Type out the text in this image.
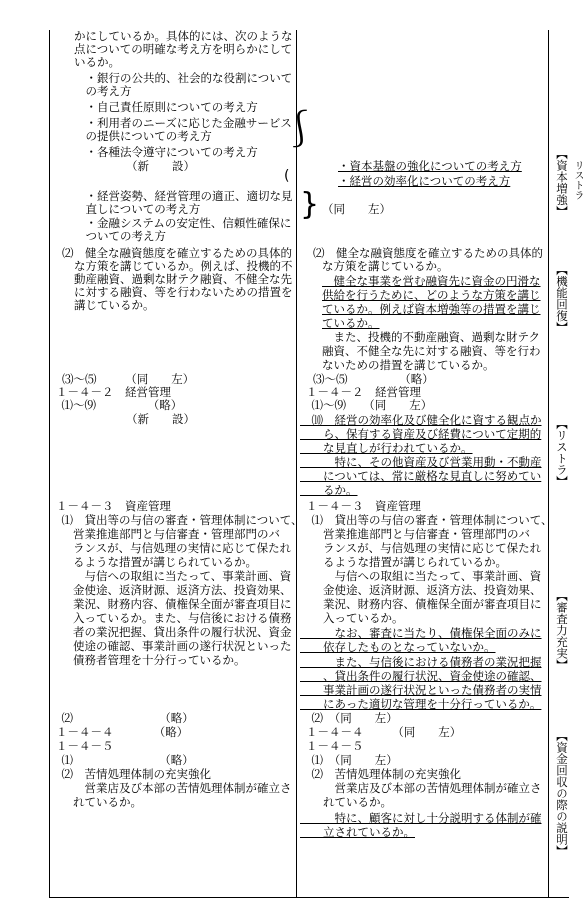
かにしているか。具体的には、次のような
点についての明確な考え方を明らかにして
いるか。
　・銀行の公共的、社会的な役割について
　の考え方
　・自己責任原則についての考え方
　・利用者のニーズに応じた金融サービス
　の提供についての考え方
　・各種法令遵守についての考え方
（新　　設）
　・経営姿勢、経営管理の適正、適切な見
　直しについての考え方
　・金融システムの安定性、信頼性確保に
　ついての考え方
⑵　健全な融資態度を確立するための具体的
な方策を講じているか。例えば、投機的不
動産融資、過剰な財テク融資、不健全な先
に対する融資、等を行わないための措置を
講じているか。
⑶～⑸　　　（同　　左）
１－４－２　経営管理
　⑴～⑼　　　　　（略）
（新　　設）
１－４－３　資産管理
　⑴　貸出等の与信の審査・管理体制について、
　　営業推進部門と与信審査・管理部門のバ
　　ランスが、与信処理の実情に応じて保たれ
　　るような措置が講じられているか。
　　　与信への取組に当たって、事業計画、資
　　金使途、返済財源、返済方法、投資効果、
　　業況、財務内容、債権保全面が審査項目に
　　入っているか。また、与信後における債務
　　者の業況把握、貸出条件の履行状況、資金
　　使途の確認、事業計画の遂行状況といった
　　債務者管理を十分行っているか。
　⑵　　　　　　　　（略）
１－４－４　　　　（略）
１－４－５
　⑴　　　　　　　　（略）
　⑵　苦情処理体制の充実強化
　　　営業店及び本部の苦情処理体制が確立さ
　　れているか。
⎰
(
}
・資本基盤の強化についての考え方
・経営の効率化についての考え方
（同　　左）
⑵　健全な融資態度を確立するための具体的
な方策を講じているか。
　健全な事業を営む融資先に資金の円滑な
供給を行うために、どのような方策を講じ
ているか。例えば資本増強等の措置を講じ
ているか。
　また、投機的不動産融資、過剰な財テク
融資、不健全な先に対する融資、等を行わ
ないための措置を講じているか。
⑶～⑸　　　　　（略）
１－４－２　経営管理
　⑴～⑼　　（同　　左）
　⑽　経営の効率化及び健全化に資する観点か
　　ら、保有する資産及び経費について定期的
　　な見直しが行われているか。
　　　特に、その他資産及び営業用動・不動産
　　については、常に厳格な見直しに努めてい
　　るか。
１－４－３　資産管理
　⑴　貸出等の与信の審査・管理体制について、
　　営業推進部門と与信審査・管理部門のバ
　　ランスが、与信処理の実情に応じて保たれ
　　るような措置が講じられているか。
　　　与信への取組に当たって、事業計画、資
　　金使途、返済財源、返済方法、投資効果、
　　業況、財務内容、債権保全面が審査項目に
　　入っているか。
　　　なお、審査に当たり、債権保全面のみに
　　依存したものとなっていないか。
　　　また、与信後における債務者の業況把握
　　、貸出条件の履行状況、資金使途の確認、
　　事業計画の遂行状況といった債務者の実情
　　にあった適切な管理を十分行っているか。
　⑵　（同　　左）
１－４－４　　　（同　　左）
１－４－５
　⑴　（同　　左）
　⑵　苦情処理体制の充実強化
　　　営業店及び本部の苦情処理体制が確立さ
　　れているか。
　　　特に、顧客に対し十分説明する体制が確
　　立されているか。
【資本増強】 リストラ
【機能回復】
【リストラ】
【審査力充実】
【資金回収の際の説明】
